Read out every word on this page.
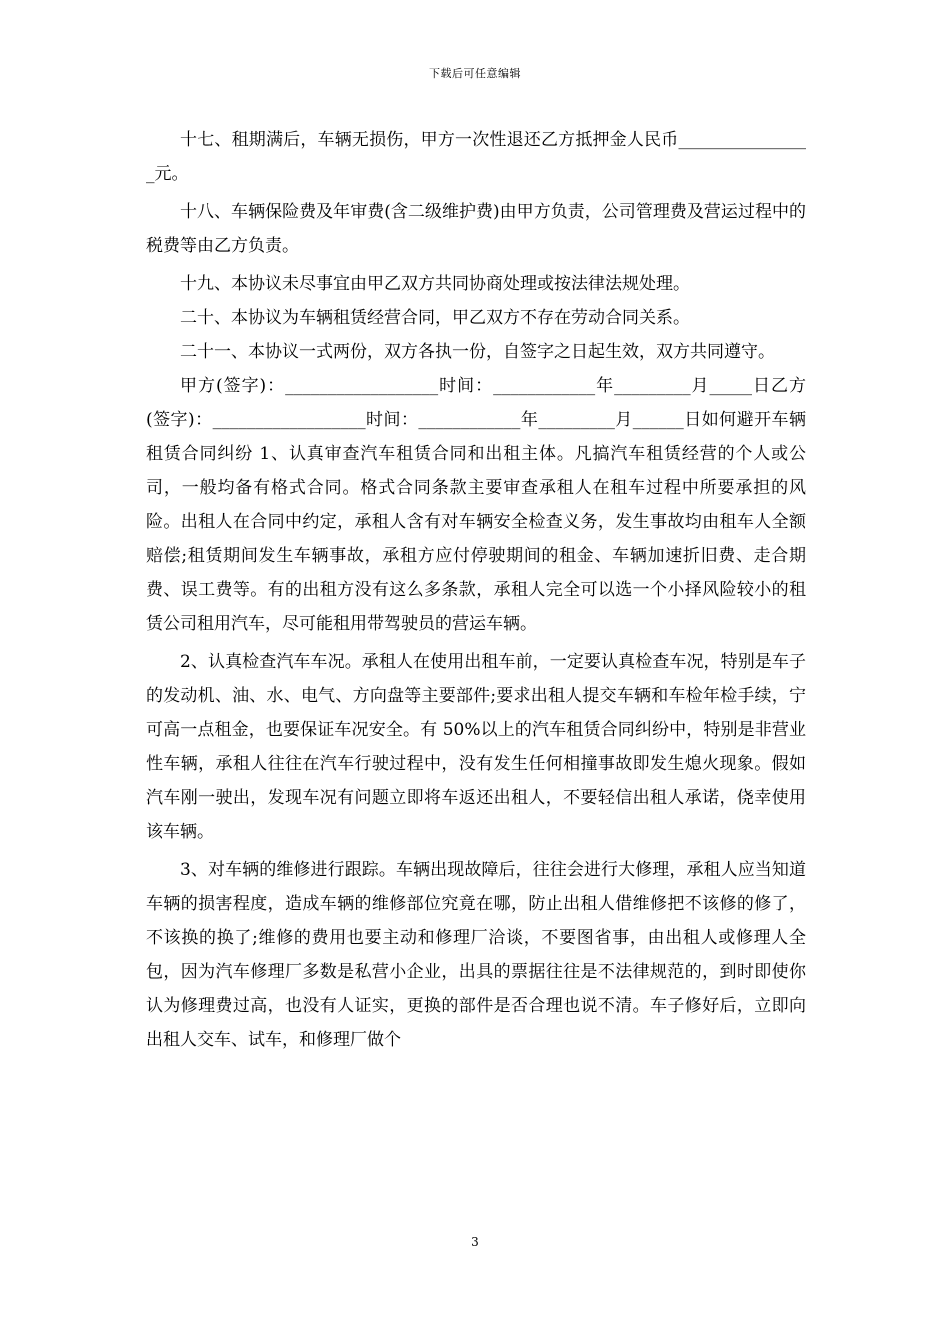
下载后可任意编辑

十七、租期满后，车辆无损伤，甲方一次性退还乙方抵押金人民币________________元。

十八、车辆保险费及年审费(含二级维护费)由甲方负责，公司管理费及营运过程中的税费等由乙方负责。

十九、本协议未尽事宜由甲乙双方共同协商处理或按法律法规处理。

二十、本协议为车辆租赁经营合同，甲乙双方不存在劳动合同关系。

二十一、本协议一式两份，双方各执一份，自签字之日起生效，双方共同遵守。

甲方(签字)：__________________时间：____________年_________月_____日乙方(签字)：__________________时间：____________年_________月______日如何避开车辆租赁合同纠纷 1、认真审查汽车租赁合同和出租主体。凡搞汽车租赁经营的个人或公司，一般均备有格式合同。格式合同条款主要审查承租人在租车过程中所要承担的风险。出租人在合同中约定，承租人含有对车辆安全检查义务，发生事故均由租车人全额赔偿;租赁期间发生车辆事故，承租方应付停驶期间的租金、车辆加速折旧费、走合期费、误工费等。有的出租方没有这么多条款，承租人完全可以选一个小择风险较小的租赁公司租用汽车，尽可能租用带驾驶员的营运车辆。

2、认真检查汽车车况。承租人在使用出租车前，一定要认真检查车况，特别是车子的发动机、油、水、电气、方向盘等主要部件;要求出租人提交车辆和车检年检手续，宁可高一点租金，也要保证车况安全。有 50%以上的汽车租赁合同纠纷中，特别是非营业性车辆，承租人往往在汽车行驶过程中，没有发生任何相撞事故即发生熄火现象。假如汽车刚一驶出，发现车况有问题立即将车返还出租人，不要轻信出租人承诺，侥幸使用该车辆。

3、对车辆的维修进行跟踪。车辆出现故障后，往往会进行大修理，承租人应当知道车辆的损害程度，造成车辆的维修部位究竟在哪，防止出租人借维修把不该修的修了，不该换的换了;维修的费用也要主动和修理厂洽谈，不要图省事，由出租人或修理人全包，因为汽车修理厂多数是私营小企业，出具的票据往往是不法律规范的，到时即使你认为修理费过高，也没有人证实，更换的部件是否合理也说不清。车子修好后，立即向出租人交车、试车，和修理厂做个

3
